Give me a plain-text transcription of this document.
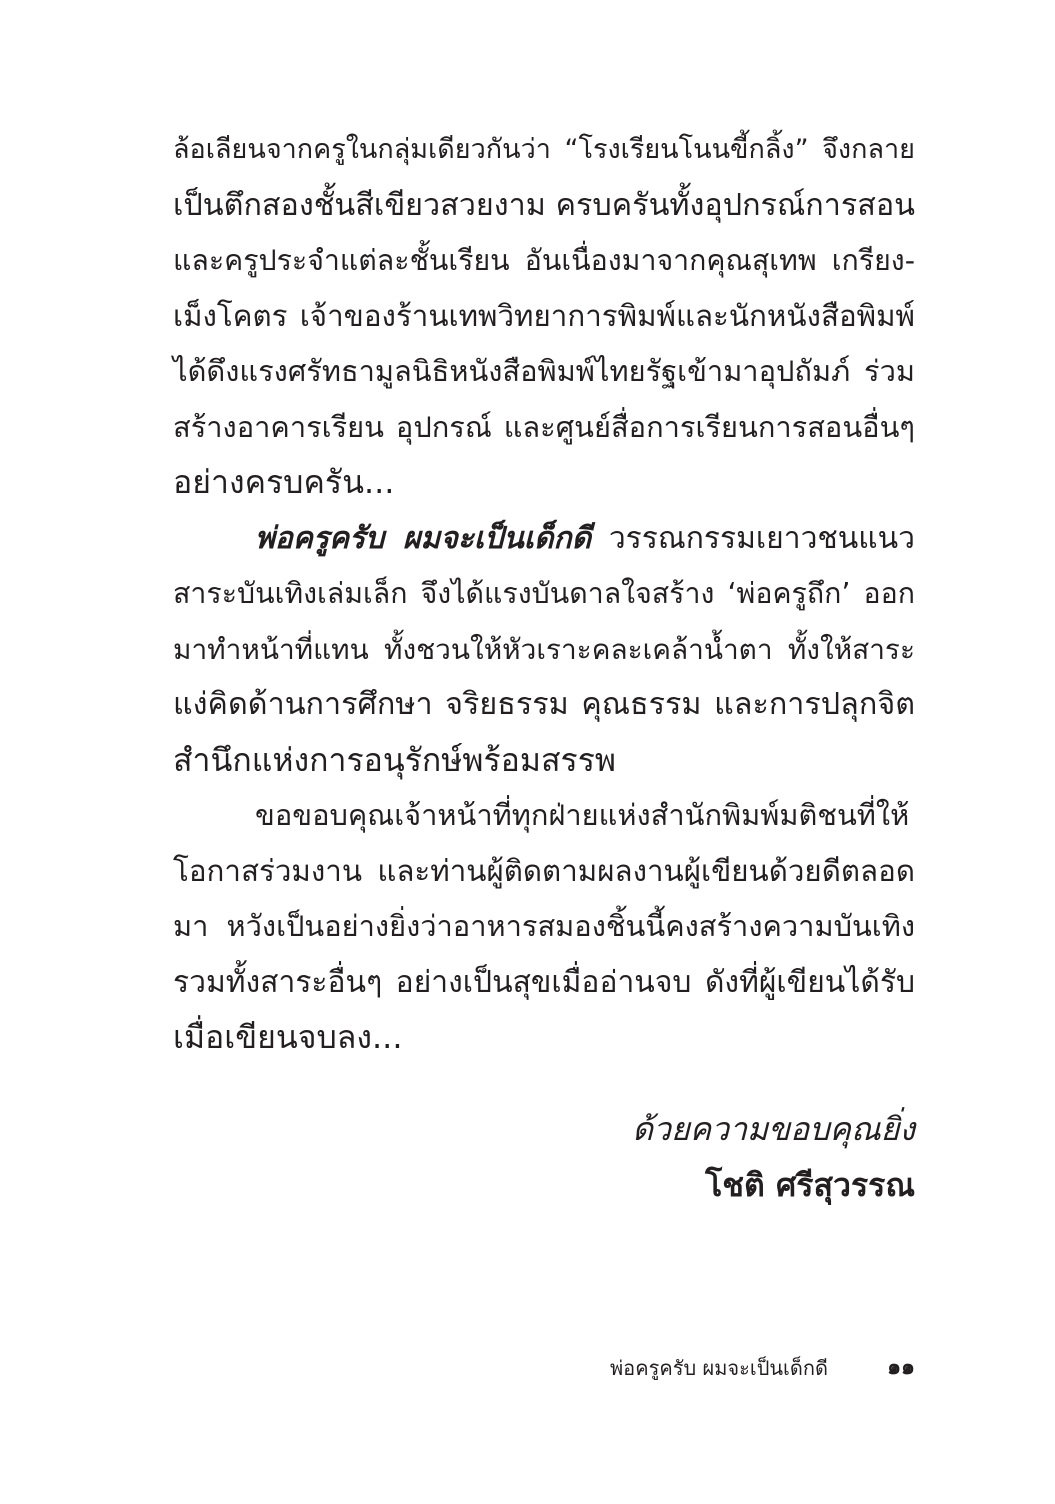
ล้อเลียนจากครูในกลุ่มเดียวกันว่า “โรงเรียนโนนขี้กลิ้ง” จึงกลาย
เป็นตึกสองชั้นสีเขียวสวยงาม ครบครันทั้งอุปกรณ์การสอน
และครูประจำแต่ละชั้นเรียน อันเนื่องมาจากคุณสุเทพ เกรียง-
เม็งโคตร เจ้าของร้านเทพวิทยาการพิมพ์และนักหนังสือพิมพ์
ได้ดึงแรงศรัทธามูลนิธิหนังสือพิมพ์ไทยรัฐเข้ามาอุปถัมภ์ ร่วม
สร้างอาคารเรียน อุปกรณ์ และศูนย์สื่อการเรียนการสอนอื่นๆ
อย่างครบครัน...
พ่อครูครับ ผมจะเป็นเด็กดี วรรณกรรมเยาวชนแนว
สาระบันเทิงเล่มเล็ก จึงได้แรงบันดาลใจสร้าง ‘พ่อครูถึก’ ออก
มาทำหน้าที่แทน ทั้งชวนให้หัวเราะคละเคล้าน้ำตา ทั้งให้สาระ
แง่คิดด้านการศึกษา จริยธรรม คุณธรรม และการปลุกจิต
สำนึกแห่งการอนุรักษ์พร้อมสรรพ
ขอขอบคุณเจ้าหน้าที่ทุกฝ่ายแห่งสำนักพิมพ์มติชนที่ให้
โอกาสร่วมงาน และท่านผู้ติดตามผลงานผู้เขียนด้วยดีตลอด
มา หวังเป็นอย่างยิ่งว่าอาหารสมองชิ้นนี้คงสร้างความบันเทิง
รวมทั้งสาระอื่นๆ อย่างเป็นสุขเมื่ออ่านจบ ดังที่ผู้เขียนได้รับ
เมื่อเขียนจบลง...
ด้วยความขอบคุณยิ่ง
โชติ ศรีสุวรรณ
พ่อครูครับ ผมจะเป็นเด็กดี	๑๑
